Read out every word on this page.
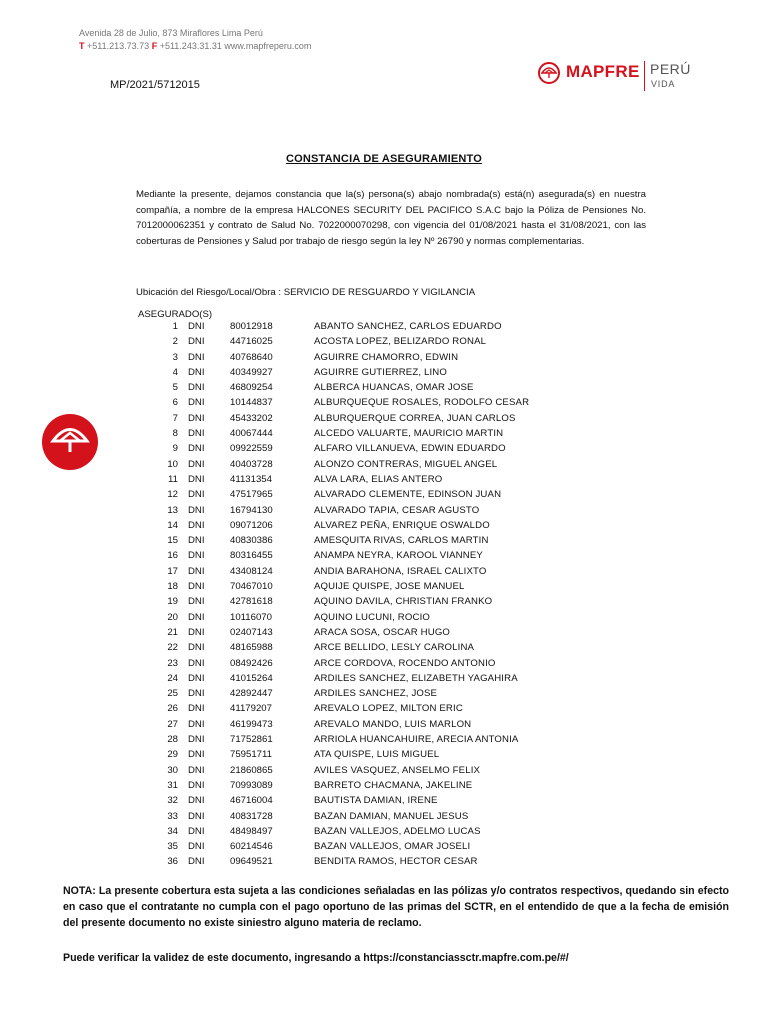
Avenida 28 de Julio, 873 Miraflores Lima Perú
T +511.213.73.73 F +511.243.31.31 www.mapfreperu.com
MP/2021/5712015
MAPFRE PERÚ
VIDA
CONSTANCIA DE ASEGURAMIENTO
Mediante la presente, dejamos constancia que la(s) persona(s) abajo nombrada(s) está(n) asegurada(s) en nuestra compañía, a nombre de la empresa HALCONES SECURITY DEL PACIFICO S.A.C bajo la Póliza de Pensiones No. 7012000062351 y contrato de Salud No. 7022000070298, con vigencia del 01/08/2021 hasta el 31/08/2021, con las coberturas de Pensiones y Salud por trabajo de riesgo según la ley Nº 26790 y normas complementarias.
Ubicación del Riesgo/Local/Obra : SERVICIO DE RESGUARDO Y VIGILANCIA
ASEGURADO(S)
1 DNI	80012918	ABANTO SANCHEZ, CARLOS EDUARDO
2 DNI	44716025	ACOSTA LOPEZ, BELIZARDO RONAL
3 DNI	40768640	AGUIRRE CHAMORRO, EDWIN
4 DNI	40349927	AGUIRRE GUTIERREZ, LINO
5 DNI	46809254	ALBERCA HUANCAS, OMAR JOSE
6 DNI	10144837	ALBURQUEQUE ROSALES, RODOLFO CESAR
7 DNI	45433202	ALBURQUERQUE CORREA, JUAN CARLOS
8 DNI	40067444	ALCEDO VALUARTE, MAURICIO MARTIN
9 DNI	09922559	ALFARO VILLANUEVA, EDWIN EDUARDO
10 DNI	40403728	ALONZO CONTRERAS, MIGUEL ANGEL
11 DNI	41131354	ALVA LARA, ELIAS ANTERO
12 DNI	47517965	ALVARADO CLEMENTE, EDINSON JUAN
13 DNI	16794130	ALVARADO TAPIA, CESAR AGUSTO
14 DNI	09071206	ALVAREZ PEÑA, ENRIQUE OSWALDO
15 DNI	40830386	AMESQUITA RIVAS, CARLOS MARTIN
16 DNI	80316455	ANAMPA NEYRA, KAROOL VIANNEY
17 DNI	43408124	ANDIA BARAHONA, ISRAEL CALIXTO
18 DNI	70467010	AQUIJE QUISPE, JOSE MANUEL
19 DNI	42781618	AQUINO DAVILA, CHRISTIAN FRANKO
20 DNI	10116070	AQUINO LUCUNI, ROCIO
21 DNI	02407143	ARACA SOSA, OSCAR HUGO
22 DNI	48165988	ARCE BELLIDO, LESLY CAROLINA
23 DNI	08492426	ARCE CORDOVA, ROCENDO ANTONIO
24 DNI	41015264	ARDILES SANCHEZ, ELIZABETH YAGAHIRA
25 DNI	42892447	ARDILES SANCHEZ, JOSE
26 DNI	41179207	AREVALO LOPEZ, MILTON ERIC
27 DNI	46199473	AREVALO MANDO, LUIS MARLON
28 DNI	71752861	ARRIOLA HUANCAHUIRE, ARECIA ANTONIA
29 DNI	75951711	ATA QUISPE, LUIS MIGUEL
30 DNI	21860865	AVILES VASQUEZ, ANSELMO FELIX
31 DNI	70993089	BARRETO CHACMANA, JAKELINE
32 DNI	46716004	BAUTISTA DAMIAN, IRENE
33 DNI	40831728	BAZAN DAMIAN, MANUEL JESUS
34 DNI	48498497	BAZAN VALLEJOS, ADELMO LUCAS
35 DNI	60214546	BAZAN VALLEJOS, OMAR JOSELI
36 DNI	09649521	BENDITA RAMOS, HECTOR CESAR
NOTA: La presente cobertura esta sujeta a las condiciones señaladas en las pólizas y/o contratos respectivos, quedando sin efecto en caso que el contratante no cumpla con el pago oportuno de las primas del SCTR, en el entendido de que a la fecha de emisión del presente documento no existe siniestro alguno materia de reclamo.
Puede verificar la validez de este documento, ingresando a https://constanciassctr.mapfre.com.pe/#/
